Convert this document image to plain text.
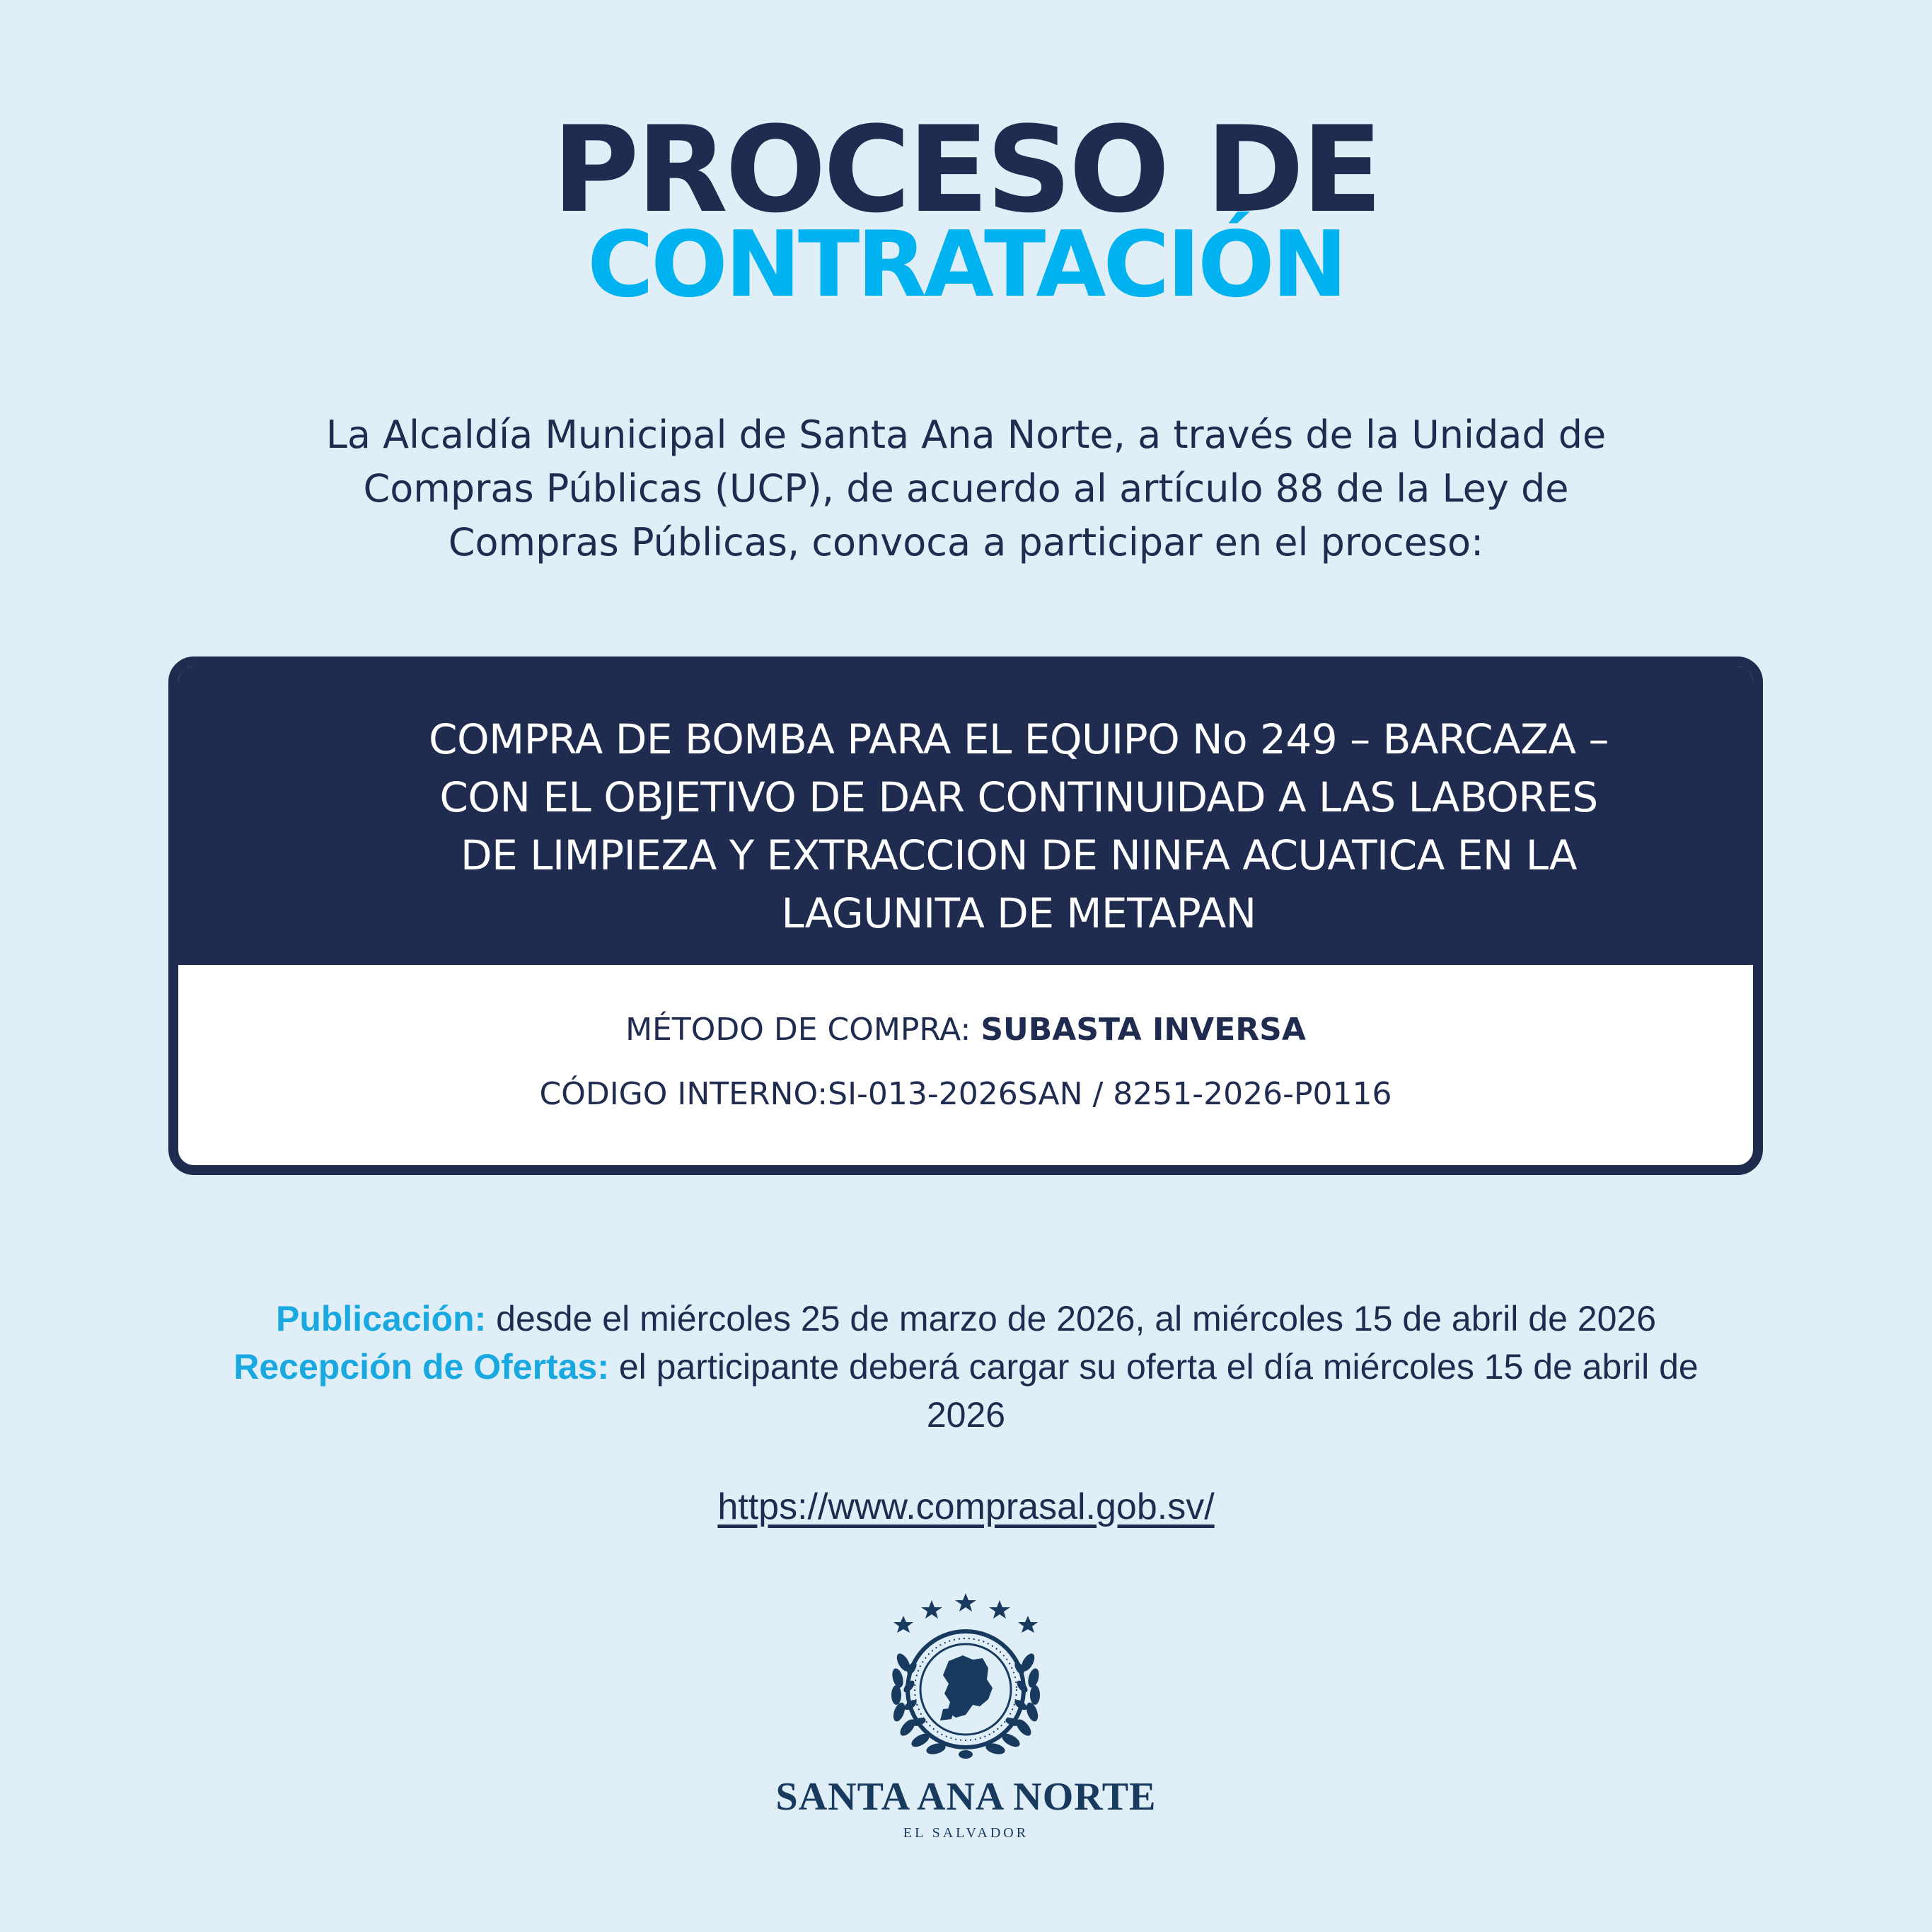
PROCESO DE
CONTRATACIÓN
La Alcaldía Municipal de Santa Ana Norte, a través de la Unidad de
Compras Públicas (UCP), de acuerdo al artículo 88 de la Ley de
Compras Públicas, convoca a participar en el proceso:
COMPRA DE BOMBA PARA EL EQUIPO No 249 – BARCAZA –
CON EL OBJETIVO DE DAR CONTINUIDAD A LAS LABORES
DE LIMPIEZA Y EXTRACCION DE NINFA ACUATICA EN LA
LAGUNITA DE METAPAN
MÉTODO DE COMPRA: SUBASTA INVERSA
CÓDIGO INTERNO:SI-013-2026SAN / 8251-2026-P0116
Publicación: desde el miércoles 25 de marzo de 2026, al miércoles 15 de abril de 2026
Recepción de Ofertas: el participante deberá cargar su oferta el día miércoles 15 de abril de
2026
https://www.comprasal.gob.sv/
SANTA ANA NORTE
EL SALVADOR
